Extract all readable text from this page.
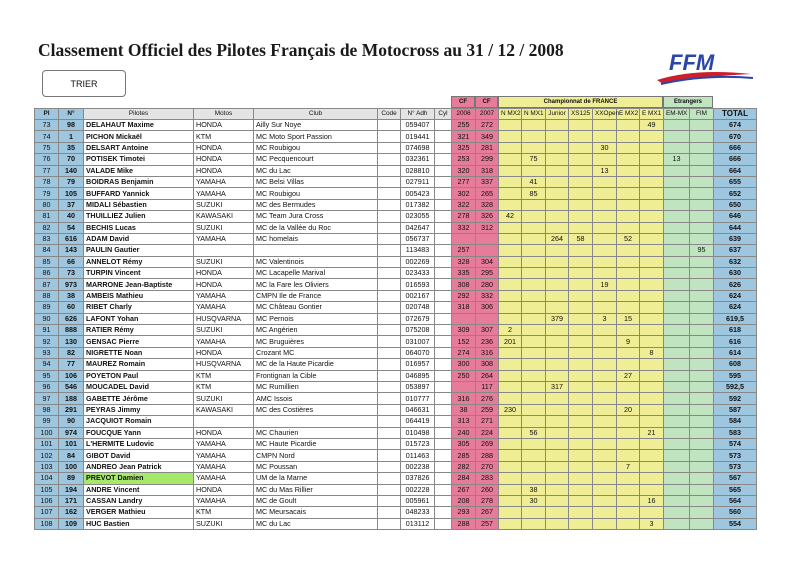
Classement Officiel des Pilotes Français de Motocross au 31 / 12 / 2008
TRIER
FFM
CF	CF	Championnat de FRANCE	Etrangers
Pl	N°	Pilotes	Motos	Club	Code	N° Adh	Cyl	2006	2007	N MX2	N MX1	Junior	XS125	XXOpen	E MX2	E MX1	EM-MX	FIM	TOTAL
73	98	DELAHAUT Maxime	HONDA	Ailly Sur Noye		059407		255	272							49			674
74	1	PICHON Mickaël	KTM	MC Moto Sport Passion		019441		321	349										670
75	35	DELSART Antoine	HONDA	MC Roubigou		074698		325	281					30					666
76	70	POTISEK Timotei	HONDA	MC Pecquencourt		032361		253	299		75						13		666
77	140	VALADE Mike	HONDA	MC du Lac		028810		320	318					13					664
78	79	BOIDRAS Benjamin	YAMAHA	MC Belsi Villas		027911		277	337		41								655
79	105	BUFFARD Yannick	YAMAHA	MC Roubigou		005423		302	265		85								652
80	37	MIDALI Sébastien	SUZUKI	MC des Bermudes		017382		322	328										650
81	40	THUILLIEZ Julien	KAWASAKI	MC Team Jura Cross		023055		278	326	42									646
82	54	BECHIS Lucas	SUZUKI	MC de la Vallée du Roc		042647		332	312										644
83	616	ADAM David	YAMAHA	MC homelais		056737						264	58		52				639
84	143	PAULIN Gautier				113483		257										95	637
85	66	ANNELOT Rémy	SUZUKI	MC Valentinois		002269		328	304										632
86	73	TURPIN Vincent	HONDA	MC Lacapelle Marival		023433		335	295										630
87	973	MARRONE Jean-Baptiste	HONDA	MC la Fare les Oliviers		016593		308	280					19					626
88	38	AMBEIS Mathieu	YAMAHA	CMPN Ile de France		002167		292	332										624
89	60	RIBET Charly	YAMAHA	MC Château Gontier		020748		318	306										624
90	626	LAFONT Yohan	HUSQVARNA	MC Pernois		072679						379		3	15				619,5
91	888	RATIER Rémy	SUZUKI	MC Angérien		075208		309	307	2									618
92	130	GENSAC Pierre	YAMAHA	MC Bruguières		031007		152	236	201					9				616
93	82	NIGRETTE Noan	HONDA	Crozant MC		064070		274	316							8			614
94	77	MAUREZ Romain	HUSQVARNA	MC de la Haute Picardie		016957		300	308										608
95	106	POYETON Paul	KTM	Frontignan la Cible		046895		250	264						27				595
96	546	MOUCADEL David	KTM	MC Rumillien		053897			117			317							592,5
97	188	GABETTE Jérôme	SUZUKI	AMC Issois		010777		316	276										592
98	291	PEYRAS Jimmy	KAWASAKI	MC des Costières		046631		38	259	230					20				587
99	90	JACQUIOT Romain				064419		313	271										584
100	974	FOUCQUE Yann	HONDA	MC Chaurien		010498		240	224		56					21			583
101	101	L'HERMITE Ludovic	YAMAHA	MC Haute Picardie		015723		305	269										574
102	84	GIBOT David	YAMAHA	CMPN Nord		011463		285	288										573
103	100	ANDREO Jean Patrick	YAMAHA	MC Poussan		002238		282	270						7				573
104	89	PREVOT Damien	YAMAHA	UM de la Marne		037826		284	283										567
105	194	ANDRE Vincent	HONDA	MC du Mas Rillier		002228		267	260		38								565
106	171	CASSAN Landry	YAMAHA	MC de Goult		005961		208	278		30					16			564
107	162	VERGER Mathieu	KTM	MC Meursacais		048233		293	267										560
108	109	HUC Bastien	SUZUKI	MC du Lac		013112		288	257							3			554
